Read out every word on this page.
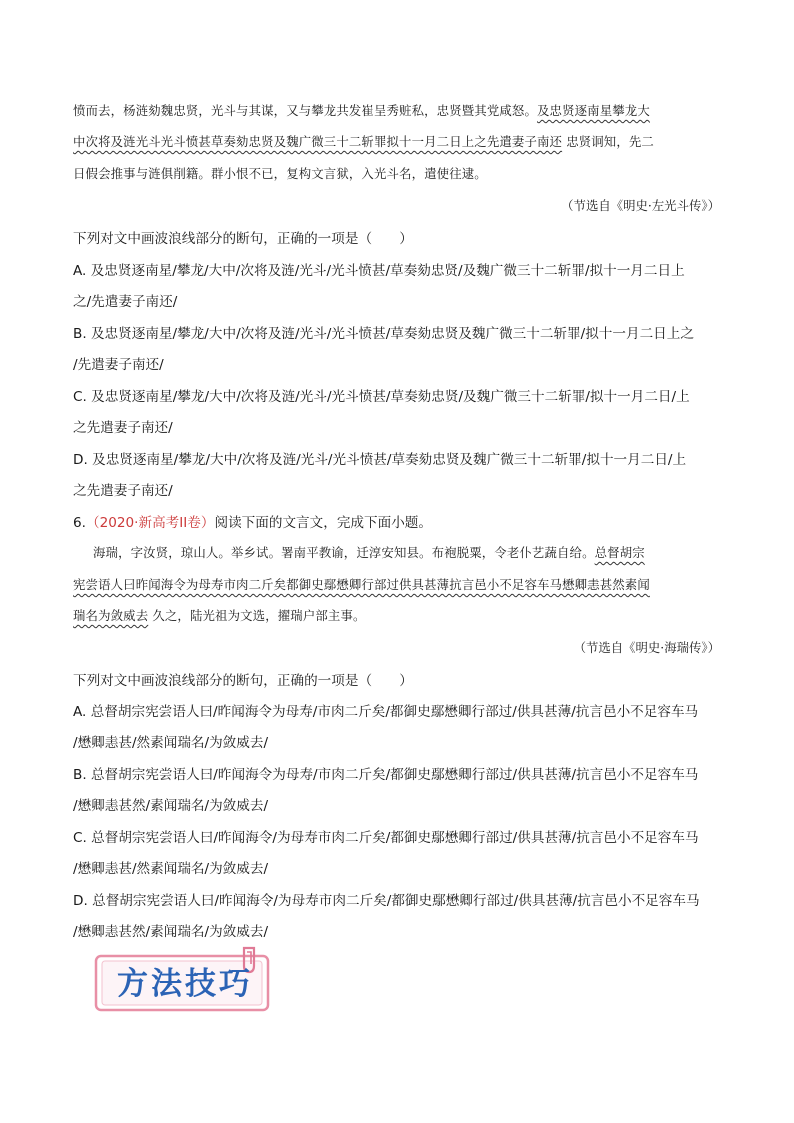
愤而去，杨涟劾魏忠贤，光斗与其谋，又与攀龙共发崔呈秀赃私，忠贤暨其党咸怒。及忠贤逐南星攀龙大
中次将及涟光斗光斗愤甚草奏劾忠贤及魏广微三十二斩罪拟十一月二日上之先遣妻子南还 忠贤诇知，先二
日假会推事与涟俱削籍。群小恨不已，复构文言狱，入光斗名，遣使往逮。
（节选自《明史·左光斗传》）
下列对文中画波浪线部分的断句，正确的一项是（　　）
A. 及忠贤逐南星/攀龙/大中/次将及涟/光斗/光斗愤甚/草奏劾忠贤/及魏广微三十二斩罪/拟十一月二日上
之/先遣妻子南还/
B. 及忠贤逐南星/攀龙/大中/次将及涟/光斗/光斗愤甚/草奏劾忠贤及魏广微三十二斩罪/拟十一月二日上之
/先遣妻子南还/
C. 及忠贤逐南星/攀龙/大中/次将及涟/光斗/光斗愤甚/草奏劾忠贤/及魏广微三十二斩罪/拟十一月二日/上
之先遣妻子南还/
D. 及忠贤逐南星/攀龙/大中/次将及涟/光斗/光斗愤甚/草奏劾忠贤及魏广微三十二斩罪/拟十一月二日/上
之先遣妻子南还/
6.（2020·新高考II卷）阅读下面的文言文，完成下面小题。
海瑞，字汝贤，琼山人。举乡试。署南平教谕，迁淳安知县。布袍脱粟，令老仆艺蔬自给。总督胡宗
宪尝语人曰昨闻海令为母寿市肉二斤矣都御史鄢懋卿行部过供具甚薄抗言邑小不足容车马懋卿恚甚然素闻
瑞名为敛威去 久之，陆光祖为文选，擢瑞户部主事。
（节选自《明史·海瑞传》）
下列对文中画波浪线部分的断句，正确的一项是（　　）
A. 总督胡宗宪尝语人曰/昨闻海令为母寿/市肉二斤矣/都御史鄢懋卿行部过/供具甚薄/抗言邑小不足容车马
/懋卿恚甚/然素闻瑞名/为敛威去/
B. 总督胡宗宪尝语人曰/昨闻海令为母寿/市肉二斤矣/都御史鄢懋卿行部过/供具甚薄/抗言邑小不足容车马
/懋卿恚甚然/素闻瑞名/为敛威去/
C. 总督胡宗宪尝语人曰/昨闻海令/为母寿市肉二斤矣/都御史鄢懋卿行部过/供具甚薄/抗言邑小不足容车马
/懋卿恚甚/然素闻瑞名/为敛威去/
D. 总督胡宗宪尝语人曰/昨闻海令/为母寿市肉二斤矣/都御史鄢懋卿行部过/供具甚薄/抗言邑小不足容车马
/懋卿恚甚然/素闻瑞名/为敛威去/
方法技巧
